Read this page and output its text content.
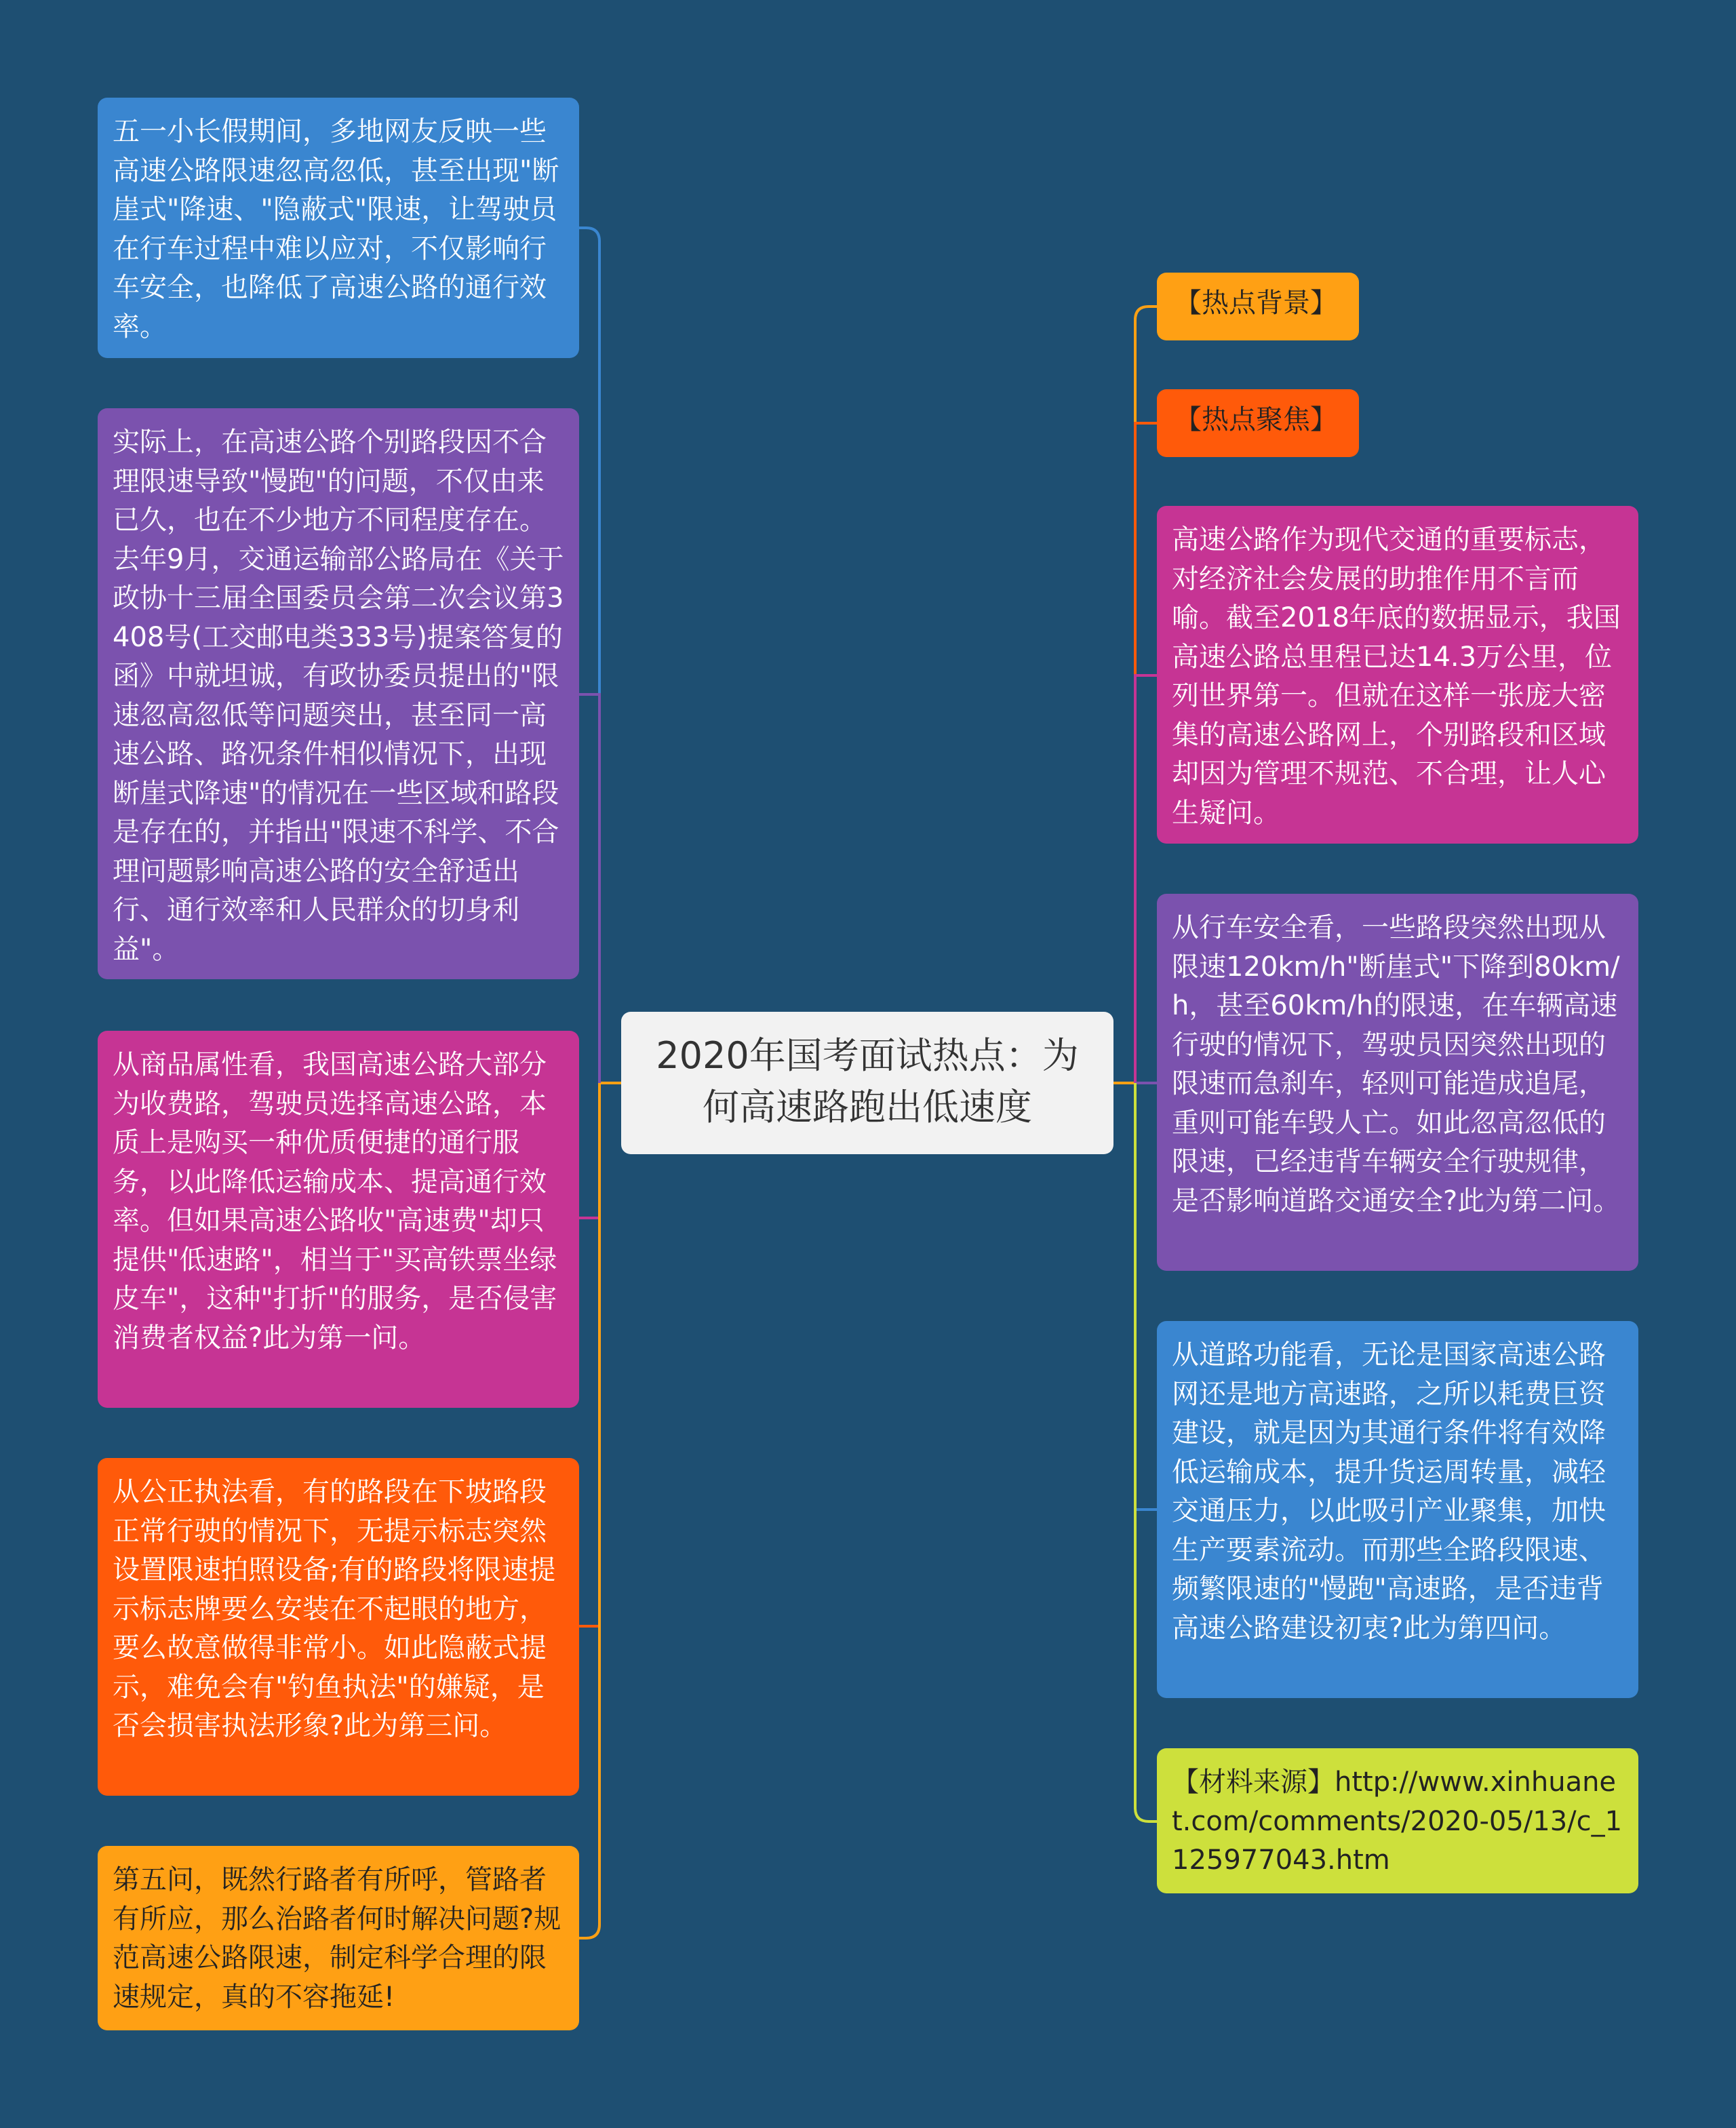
2020年国考面试热点：为何高速路跑出低速度
五一小长假期间，多地网友反映一些高速公路限速忽高忽低，甚至出现"断崖式"降速、"隐蔽式"限速，让驾驶员在行车过程中难以应对，不仅影响行车安全，也降低了高速公路的通行效率。
实际上，在高速公路个别路段因不合理限速导致"慢跑"的问题，不仅由来已久，也在不少地方不同程度存在。去年9月，交通运输部公路局在《关于政协十三届全国委员会第二次会议第3408号(工交邮电类333号)提案答复的函》中就坦诚，有政协委员提出的"限速忽高忽低等问题突出，甚至同一高速公路、路况条件相似情况下，出现断崖式降速"的情况在一些区域和路段是存在的，并指出"限速不科学、不合理问题影响高速公路的安全舒适出行、通行效率和人民群众的切身利益"。
从商品属性看，我国高速公路大部分为收费路，驾驶员选择高速公路，本质上是购买一种优质便捷的通行服务，以此降低运输成本、提高通行效率。但如果高速公路收"高速费"却只提供"低速路"，相当于"买高铁票坐绿皮车"，这种"打折"的服务，是否侵害消费者权益?此为第一问。
从公正执法看，有的路段在下坡路段正常行驶的情况下，无提示标志突然设置限速拍照设备;有的路段将限速提示标志牌要么安装在不起眼的地方，要么故意做得非常小。如此隐蔽式提示，难免会有"钓鱼执法"的嫌疑，是否会损害执法形象?此为第三问。
第五问，既然行路者有所呼，管路者有所应，那么治路者何时解决问题?规范高速公路限速，制定科学合理的限速规定，真的不容拖延!
【热点背景】
【热点聚焦】
高速公路作为现代交通的重要标志，对经济社会发展的助推作用不言而喻。截至2018年底的数据显示，我国高速公路总里程已达14.3万公里，位列世界第一。但就在这样一张庞大密集的高速公路网上，个别路段和区域却因为管理不规范、不合理，让人心生疑问。
从行车安全看，一些路段突然出现从限速120km/h"断崖式"下降到80km/h，甚至60km/h的限速，在车辆高速行驶的情况下，驾驶员因突然出现的限速而急刹车，轻则可能造成追尾，重则可能车毁人亡。如此忽高忽低的限速，已经违背车辆安全行驶规律，是否影响道路交通安全?此为第二问。
从道路功能看，无论是国家高速公路网还是地方高速路，之所以耗费巨资建设，就是因为其通行条件将有效降低运输成本，提升货运周转量，减轻交通压力，以此吸引产业聚集，加快生产要素流动。而那些全路段限速、频繁限速的"慢跑"高速路，是否违背高速公路建设初衷?此为第四问。
【材料来源】http://www.xinhuanet.com/comments/2020-05/13/c_1125977043.htm
